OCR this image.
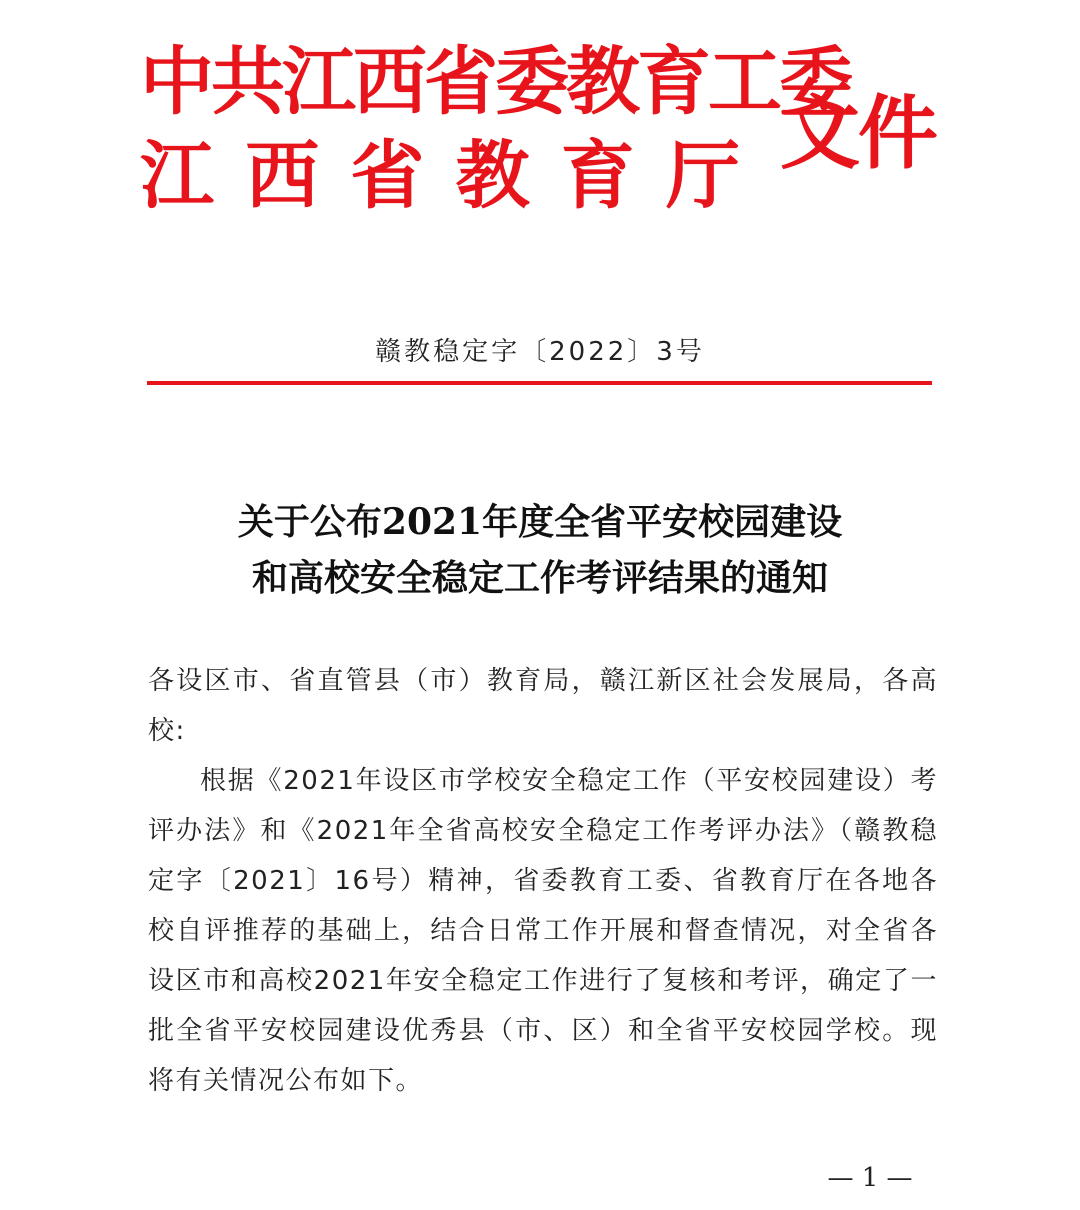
中共江西省委教育工委
江 西 省 教 育 厅 文件
赣教稳定字〔2022〕3号
关于公布2021年度全省平安校园建设
和高校安全稳定工作考评结果的通知

各设区市、省直管县（市）教育局，赣江新区社会发展局，各高校:

根据《2021年设区市学校安全稳定工作（平安校园建设）考评办法》和《2021年全省高校安全稳定工作考评办法》（赣教稳定字〔2021〕16号）精神，省委教育工委、省教育厅在各地各校自评推荐的基础上，结合日常工作开展和督查情况，对全省各设区市和高校2021年安全稳定工作进行了复核和考评，确定了一批全省平安校园建设优秀县（市、区）和全省平安校园学校。现将有关情况公布如下。

— 1 —
